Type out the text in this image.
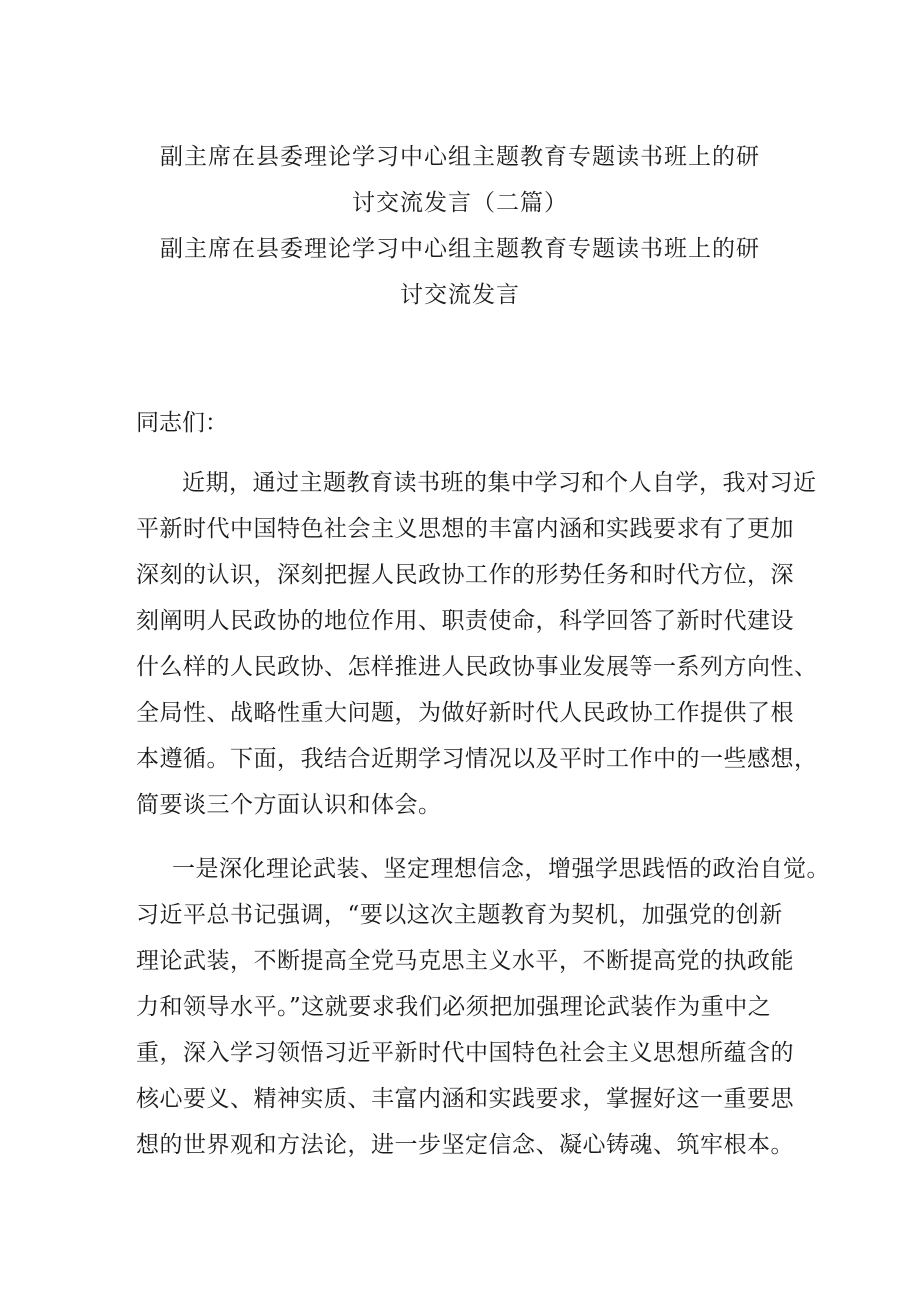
副主席在县委理论学习中心组主题教育专题读书班上的研
讨交流发言（二篇）
副主席在县委理论学习中心组主题教育专题读书班上的研
讨交流发言
同志们：
近期，通过主题教育读书班的集中学习和个人自学，我对习近
平新时代中国特色社会主义思想的丰富内涵和实践要求有了更加
深刻的认识，深刻把握人民政协工作的形势任务和时代方位，深
刻阐明人民政协的地位作用、职责使命，科学回答了新时代建设
什么样的人民政协、怎样推进人民政协事业发展等一系列方向性、
全局性、战略性重大问题，为做好新时代人民政协工作提供了根
本遵循。下面，我结合近期学习情况以及平时工作中的一些感想，
简要谈三个方面认识和体会。
一是深化理论武装、坚定理想信念，增强学思践悟的政治自觉。
习近平总书记强调，“要以这次主题教育为契机，加强党的创新
理论武装，不断提高全党马克思主义水平，不断提高党的执政能
力和领导水平。”这就要求我们必须把加强理论武装作为重中之
重，深入学习领悟习近平新时代中国特色社会主义思想所蕴含的
核心要义、精神实质、丰富内涵和实践要求，掌握好这一重要思
想的世界观和方法论，进一步坚定信念、凝心铸魂、筑牢根本。
